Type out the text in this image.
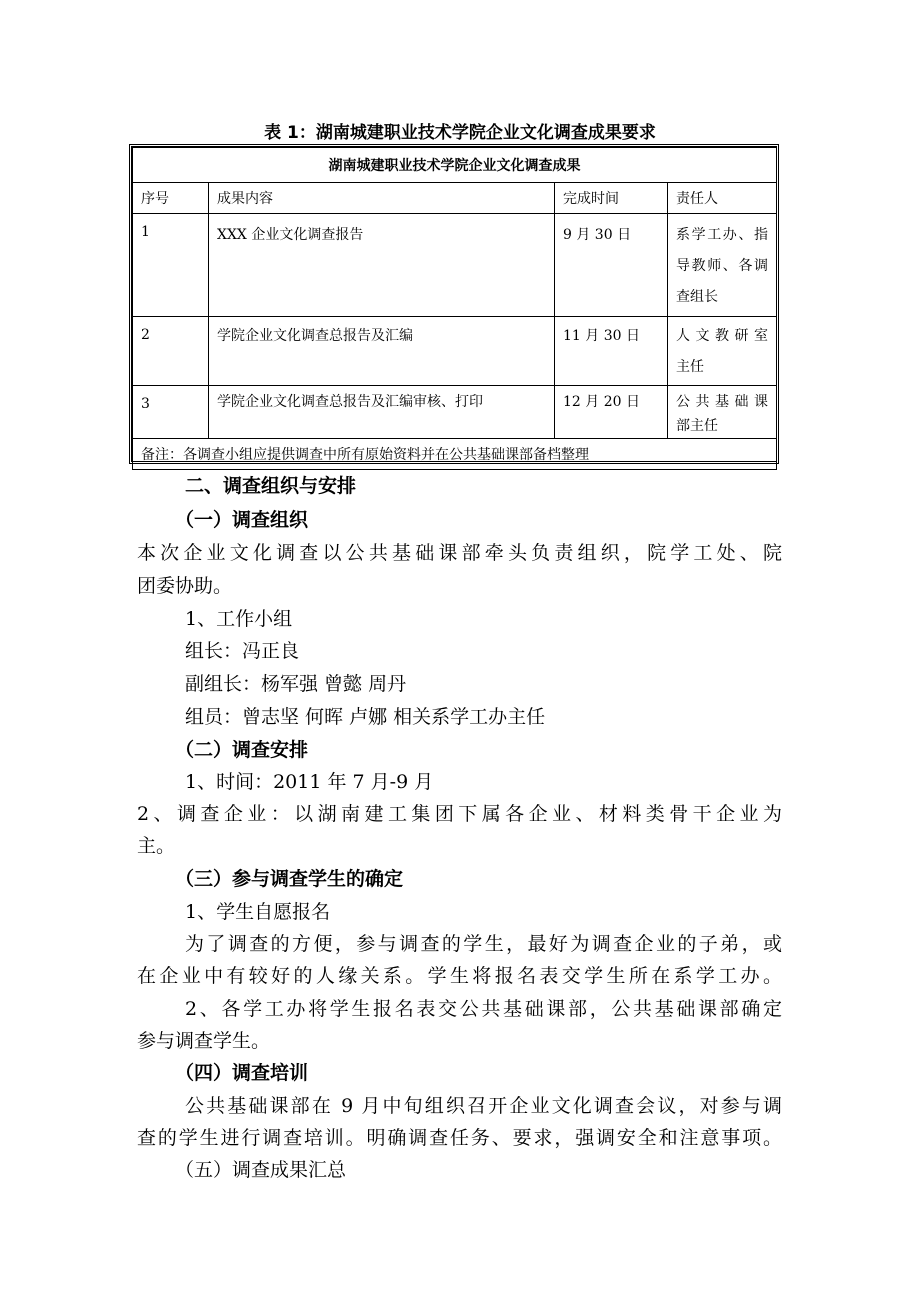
表 1：湖南城建职业技术学院企业文化调查成果要求
湖南城建职业技术学院企业文化调查成果			
序号	成果内容	完成时间	责任人
1	XXX 企业文化调查报告	9 月 30 日	系学工办、指
导教师、各调
查组长

2	学院企业文化调查总报告及汇编	11 月 30 日	人文教研室
主任

3	学院企业文化调查总报告及汇编审核、打印	12 月 20 日	公共基础课
部主任

备注：各调查小组应提供调查中所有原始资料并在公共基础课部备档整理			
二、调查组织与安排
（一）调查组织
本次企业文化调查以公共基础课部牵头负责组织，院学工处、院
团委协助。
1、工作小组
组长：冯正良
副组长：杨军强 曾懿 周丹
组员：曾志坚 何晖 卢娜 相关系学工办主任
（二）调查安排
1、时间：2011 年 7 月-9 月
2、调查企业：以湖南建工集团下属各企业、材料类骨干企业为
主。
（三）参与调查学生的确定
1、学生自愿报名
为了调查的方便，参与调查的学生，最好为调查企业的子弟，或
在企业中有较好的人缘关系。学生将报名表交学生所在系学工办。
2、各学工办将学生报名表交公共基础课部，公共基础课部确定
参与调查学生。
（四）调查培训
公共基础课部在 9 月中旬组织召开企业文化调查会议，对参与调
查的学生进行调查培训。明确调查任务、要求，强调安全和注意事项。
（五）调查成果汇总
